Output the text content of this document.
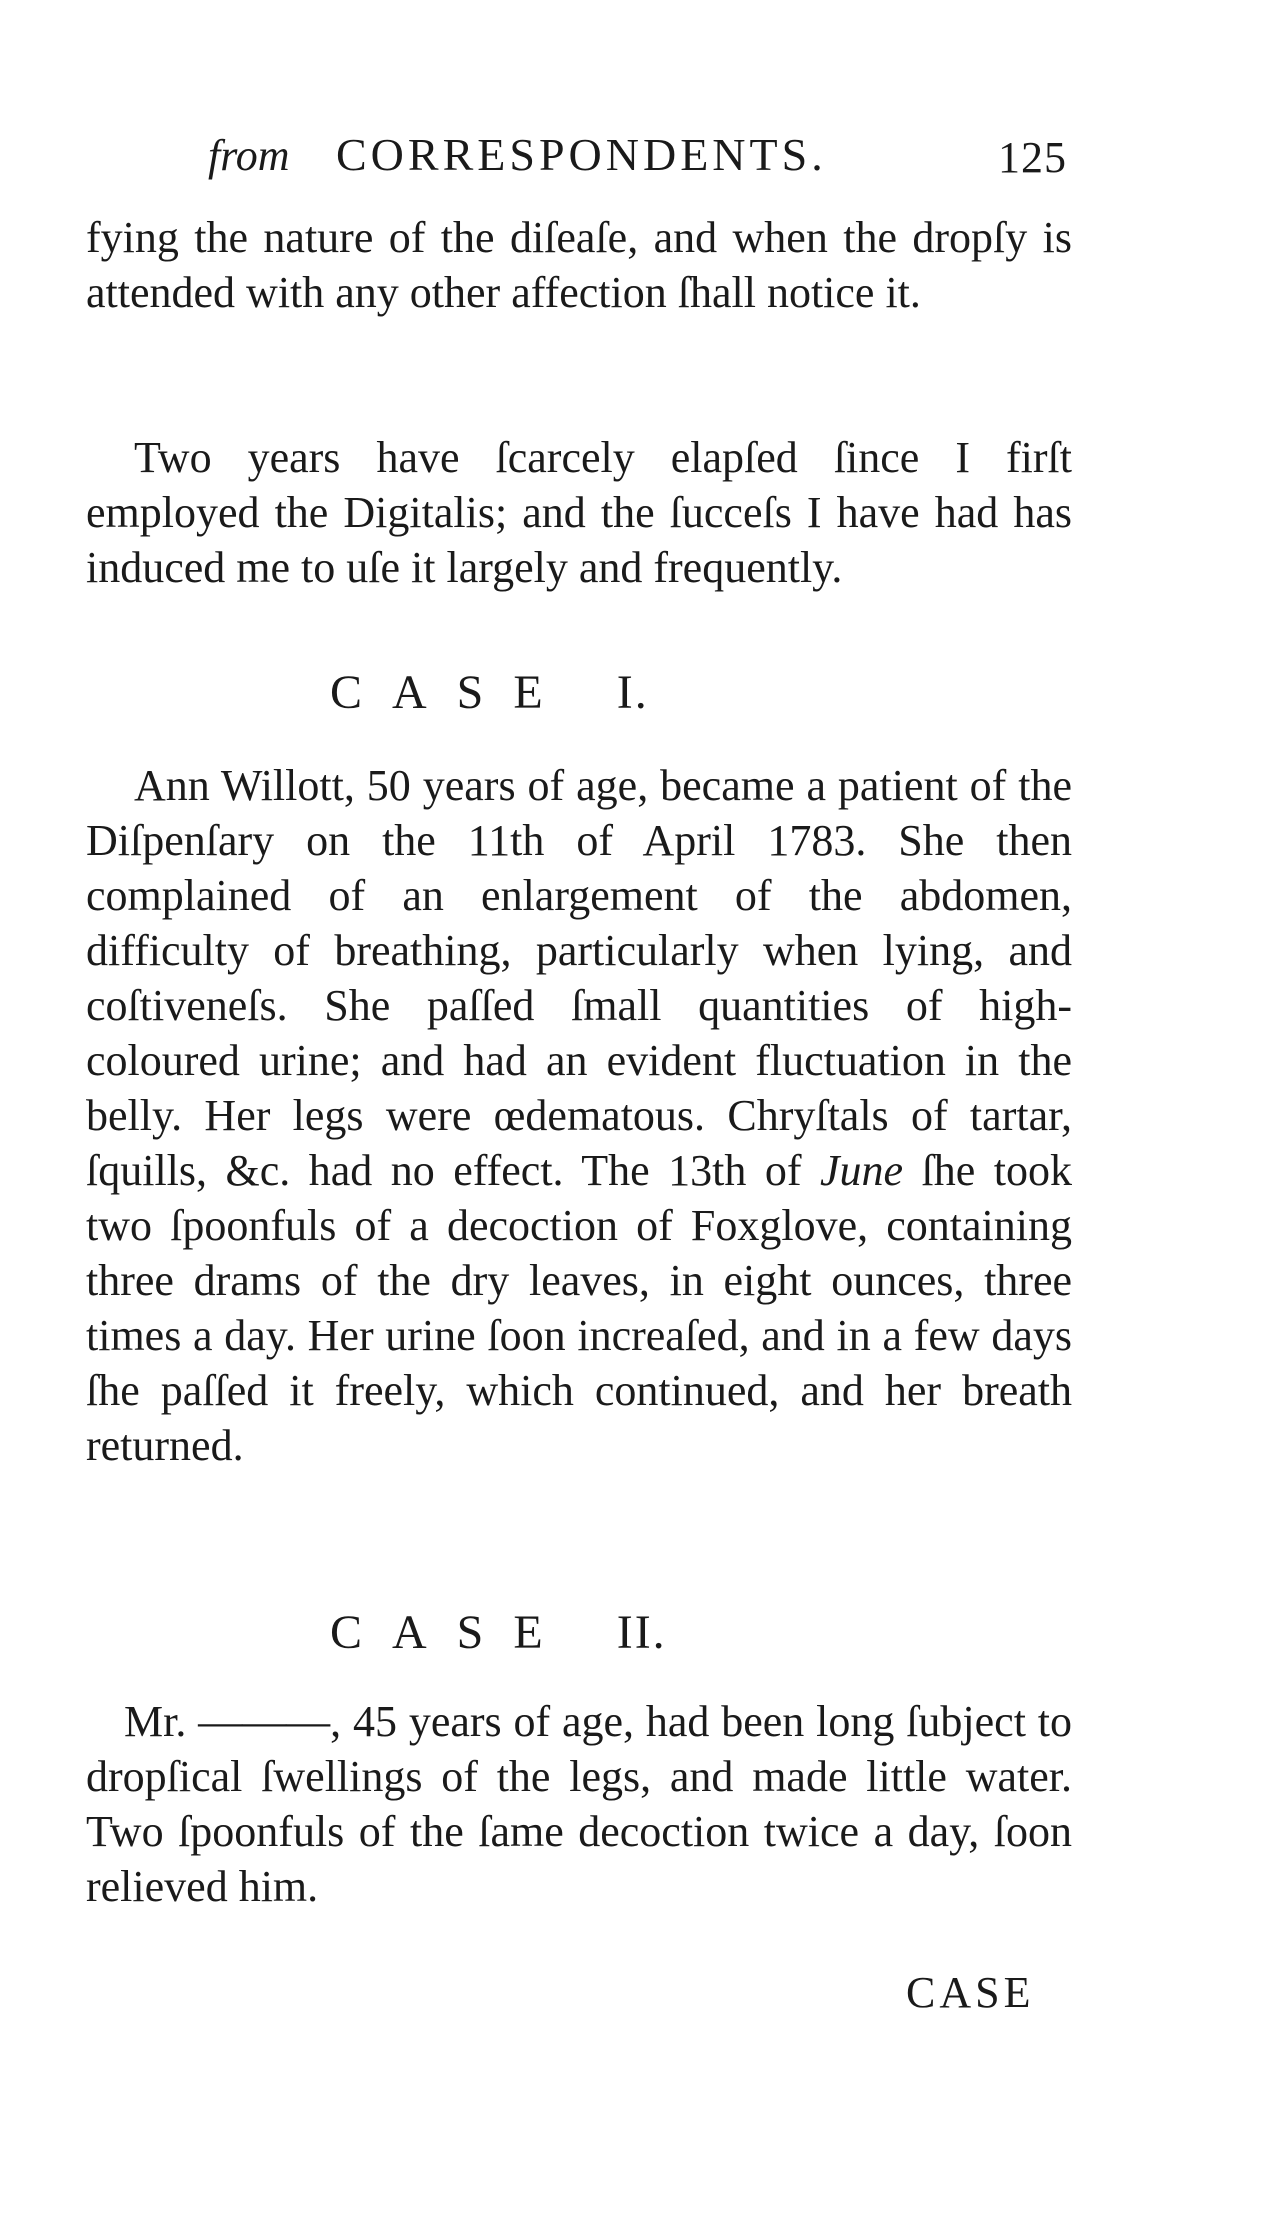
from CORRESPONDENTS.	125
fying the nature of the diſeaſe, and when the dropſy is attended with any other affection ſhall notice it.
Two years have ſcarcely elapſed ſince I firſt employed the Digitalis; and the ſucceſs I have had has induced me to uſe it largely and frequently.
CASE I.
Ann Willott, 50 years of age, became a patient of the Diſpenſary on the 11th of April 1783. She then complained of an enlargement of the abdomen, difficulty of breathing, particularly when lying, and coſtiveneſs. She paſſed ſmall quantities of high-coloured urine; and had an evident fluctuation in the belly. Her legs were œdematous. Chryſtals of tartar, ſquills, &c. had no effect. The 13th of June ſhe took two ſpoonfuls of a decoction of Foxglove, containing three drams of the dry leaves, in eight ounces, three times a day. Her urine ſoon increaſed, and in a few days ſhe paſſed it freely, which continued, and her breath returned.
CASE II.
Mr. ———, 45 years of age, had been long ſubject to dropſical ſwellings of the legs, and made little water. Two ſpoonfuls of the ſame decoction twice a day, ſoon relieved him.
CASE
